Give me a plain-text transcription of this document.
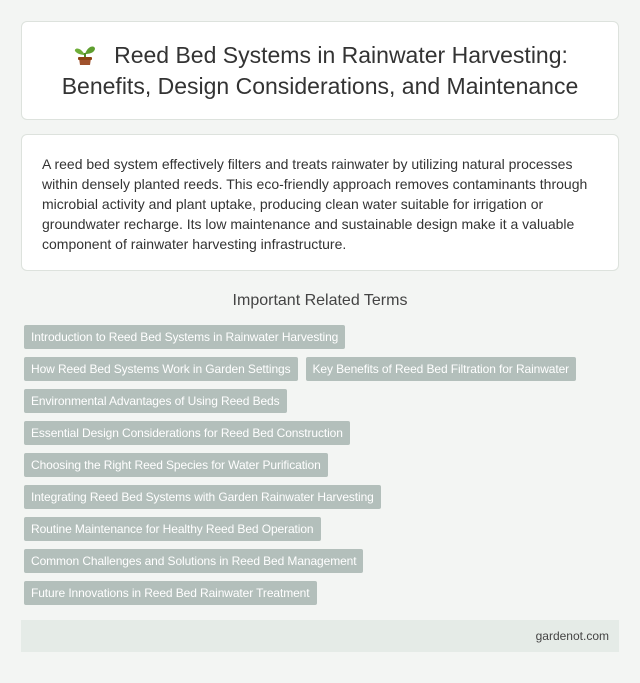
Reed Bed Systems in Rainwater Harvesting: Benefits, Design Considerations, and Maintenance

A reed bed system effectively filters and treats rainwater by utilizing natural processes within densely planted reeds. This eco-friendly approach removes contaminants through microbial activity and plant uptake, producing clean water suitable for irrigation or groundwater recharge. Its low maintenance and sustainable design make it a valuable component of rainwater harvesting infrastructure.

Important Related Terms
Introduction to Reed Bed Systems in Rainwater Harvesting
How Reed Bed Systems Work in Garden Settings	Key Benefits of Reed Bed Filtration for Rainwater
Environmental Advantages of Using Reed Beds
Essential Design Considerations for Reed Bed Construction
Choosing the Right Reed Species for Water Purification
Integrating Reed Bed Systems with Garden Rainwater Harvesting
Routine Maintenance for Healthy Reed Bed Operation
Common Challenges and Solutions in Reed Bed Management
Future Innovations in Reed Bed Rainwater Treatment
gardenot.com
